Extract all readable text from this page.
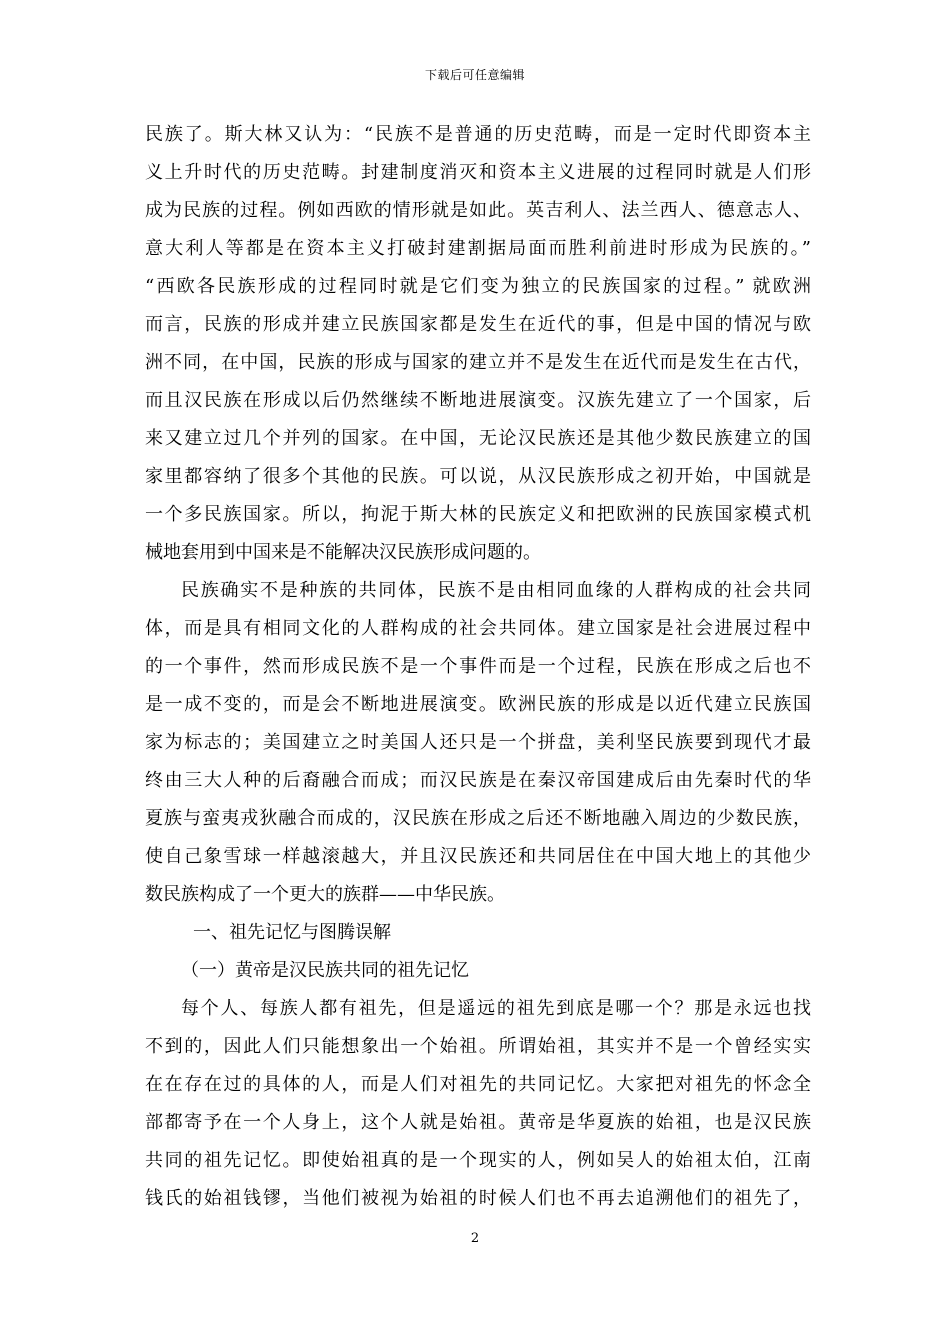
下载后可任意编辑
民族了。斯大林又认为：“民族不是普通的历史范畴，而是一定时代即资本主
义上升时代的历史范畴。封建制度消灭和资本主义进展的过程同时就是人们形
成为民族的过程。例如西欧的情形就是如此。英吉利人、法兰西人、德意志人、
意大利人等都是在资本主义打破封建割据局面而胜利前进时形成为民族的。”
“西欧各民族形成的过程同时就是它们变为独立的民族国家的过程。” 就欧洲
而言，民族的形成并建立民族国家都是发生在近代的事，但是中国的情况与欧
洲不同，在中国，民族的形成与国家的建立并不是发生在近代而是发生在古代，
而且汉民族在形成以后仍然继续不断地进展演变。汉族先建立了一个国家，后
来又建立过几个并列的国家。在中国，无论汉民族还是其他少数民族建立的国
家里都容纳了很多个其他的民族。可以说，从汉民族形成之初开始，中国就是
一个多民族国家。所以，拘泥于斯大林的民族定义和把欧洲的民族国家模式机
械地套用到中国来是不能解决汉民族形成问题的。
民族确实不是种族的共同体，民族不是由相同血缘的人群构成的社会共同
体，而是具有相同文化的人群构成的社会共同体。建立国家是社会进展过程中
的一个事件，然而形成民族不是一个事件而是一个过程，民族在形成之后也不
是一成不变的，而是会不断地进展演变。欧洲民族的形成是以近代建立民族国
家为标志的；美国建立之时美国人还只是一个拼盘，美利坚民族要到现代才最
终由三大人种的后裔融合而成；而汉民族是在秦汉帝国建成后由先秦时代的华
夏族与蛮夷戎狄融合而成的，汉民族在形成之后还不断地融入周边的少数民族，
使自己象雪球一样越滚越大，并且汉民族还和共同居住在中国大地上的其他少
数民族构成了一个更大的族群——中华民族。
一、祖先记忆与图腾误解
（一）黄帝是汉民族共同的祖先记忆
每个人、每族人都有祖先，但是遥远的祖先到底是哪一个？那是永远也找
不到的，因此人们只能想象出一个始祖。所谓始祖，其实并不是一个曾经实实
在在存在过的具体的人，而是人们对祖先的共同记忆。大家把对祖先的怀念全
部都寄予在一个人身上，这个人就是始祖。黄帝是华夏族的始祖，也是汉民族
共同的祖先记忆。即使始祖真的是一个现实的人，例如吴人的始祖太伯，江南
钱氏的始祖钱镠，当他们被视为始祖的时候人们也不再去追溯他们的祖先了，
2
